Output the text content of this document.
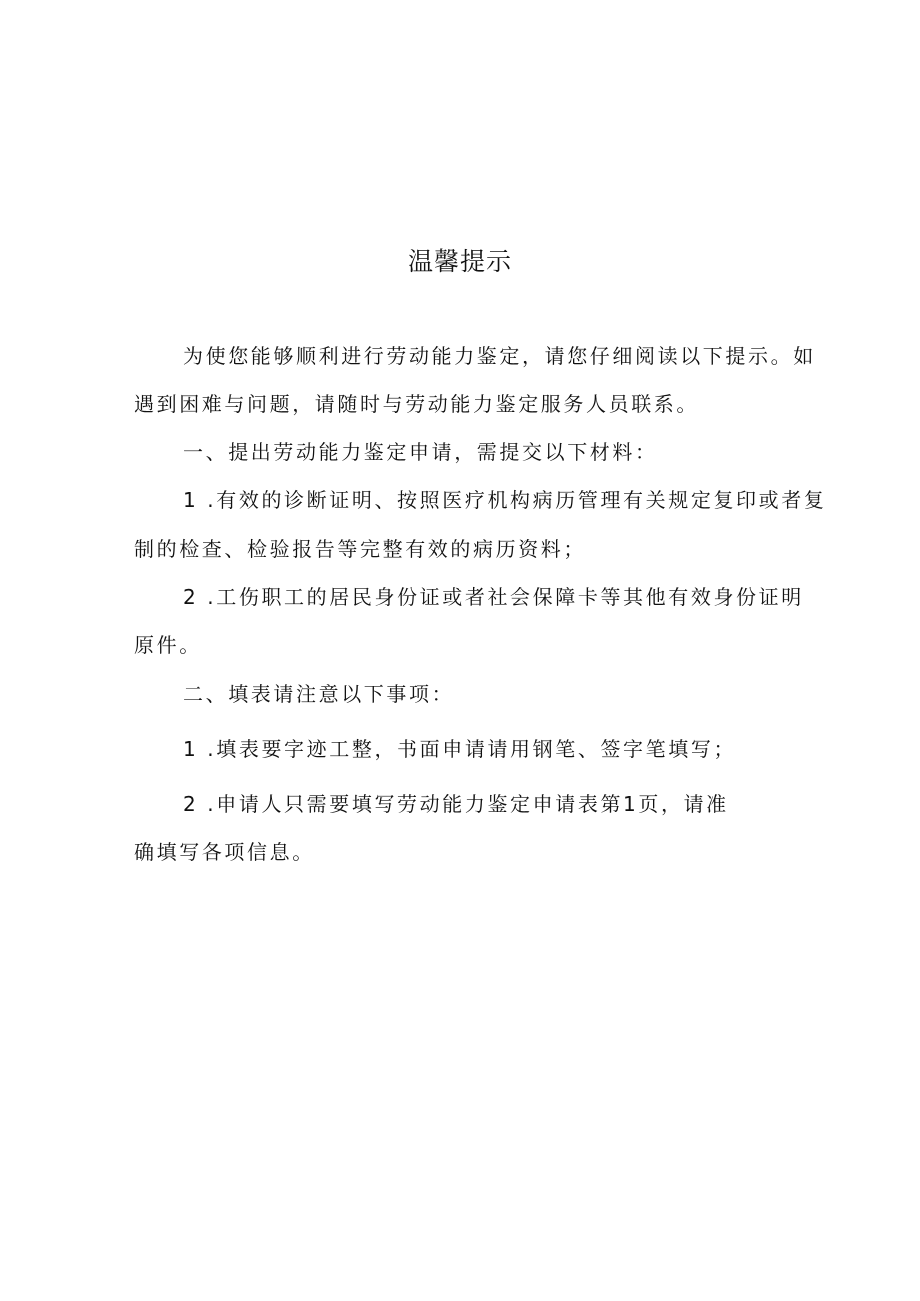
温馨提示
为使您能够顺利进行劳动能力鉴定，请您仔细阅读以下提示。如
遇到困难与问题，请随时与劳动能力鉴定服务人员联系。
一、提出劳动能力鉴定申请，需提交以下材料：
1 .有效的诊断证明、按照医疗机构病历管理有关规定复印或者复
制的检查、检验报告等完整有效的病历资料；
2 .工伤职工的居民身份证或者社会保障卡等其他有效身份证明
原件。
二、填表请注意以下事项：
1 .填表要字迹工整，书面申请请用钢笔、签字笔填写；
2 .申请人只需要填写劳动能力鉴定申请表第1页，请准
确填写各项信息。
